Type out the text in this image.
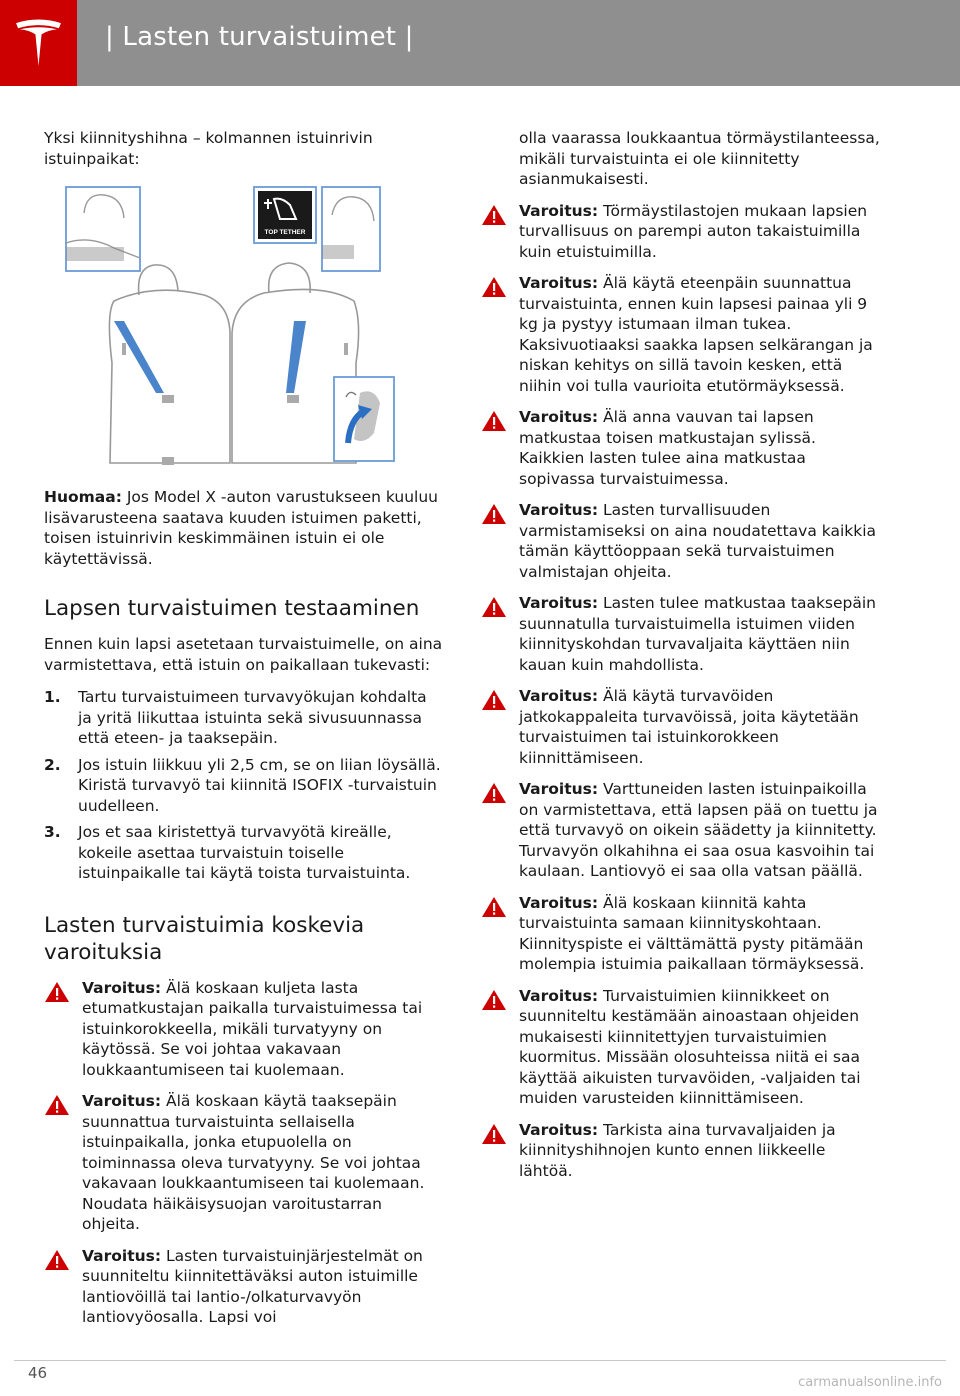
| Lasten turvaistuimet |

Yksi kiinnityshihna – kolmannen istuinrivin istuinpaikat:

TOP TETHER

Huomaa: Jos Model X -auton varustukseen kuuluu lisävarusteena saatava kuuden istuimen paketti, toisen istuinrivin keskimmäinen istuin ei ole käytettävissä.

Lapsen turvaistuimen testaaminen

Ennen kuin lapsi asetetaan turvaistuimelle, on aina varmistettava, että istuin on paikallaan tukevasti:

1. Tartu turvaistuimeen turvavyökujan kohdalta ja yritä liikuttaa istuinta sekä sivusuunnassa että eteen- ja taaksepäin.
2. Jos istuin liikkuu yli 2,5 cm, se on liian löysällä. Kiristä turvavyö tai kiinnitä ISOFIX -turvaistuin uudelleen.
3. Jos et saa kiristettyä turvavyötä kireälle, kokeile asettaa turvaistuin toiselle istuinpaikalle tai käytä toista turvaistuinta.
Lasten turvaistuimia koskevia varoituksia
Varoitus: Älä koskaan kuljeta lasta etumatkustajan paikalla turvaistuimessa tai istuinkorokkeella, mikäli turvatyyny on käytössä. Se voi johtaa vakavaan loukkaantumiseen tai kuolemaan.
Varoitus: Älä koskaan käytä taaksepäin suunnattua turvaistuinta sellaisella istuinpaikalla, jonka etupuolella on toiminnassa oleva turvatyyny. Se voi johtaa vakavaan loukkaantumiseen tai kuolemaan. Noudata häikäisysuojan varoitustarran ohjeita.
Varoitus: Lasten turvaistuinjärjestelmät on suunniteltu kiinnitettäväksi auton istuimille lantiovöillä tai lantio-/olkaturvavyön lantiovyöosalla. Lapsi voi

olla vaarassa loukkaantua törmäystilanteessa, mikäli turvaistuinta ei ole kiinnitetty asianmukaisesti.

Varoitus: Törmäystilastojen mukaan lapsien turvallisuus on parempi auton takaistuimilla kuin etuistuimilla.
Varoitus: Älä käytä eteenpäin suunnattua turvaistuinta, ennen kuin lapsesi painaa yli 9 kg ja pystyy istumaan ilman tukea. Kaksivuotiaaksi saakka lapsen selkärangan ja niskan kehitys on sillä tavoin kesken, että niihin voi tulla vaurioita etutörmäyksessä.
Varoitus: Älä anna vauvan tai lapsen matkustaa toisen matkustajan sylissä. Kaikkien lasten tulee aina matkustaa sopivassa turvaistuimessa.
Varoitus: Lasten turvallisuuden varmistamiseksi on aina noudatettava kaikkia tämän käyttöoppaan sekä turvaistuimen valmistajan ohjeita.
Varoitus: Lasten tulee matkustaa taaksepäin suunnatulla turvaistuimella istuimen viiden kiinnityskohdan turvavaljaita käyttäen niin kauan kuin mahdollista.
Varoitus: Älä käytä turvavöiden jatkokappaleita turvavöissä, joita käytetään turvaistuimen tai istuinkorokkeen kiinnittämiseen.
Varoitus: Varttuneiden lasten istuinpaikoilla on varmistettava, että lapsen pää on tuettu ja että turvavyö on oikein säädetty ja kiinnitetty. Turvavyön olkahihna ei saa osua kasvoihin tai kaulaan. Lantiovyö ei saa olla vatsan päällä.
Varoitus: Älä koskaan kiinnitä kahta turvaistuinta samaan kiinnityskohtaan. Kiinnityspiste ei välttämättä pysty pitämään molempia istuimia paikallaan törmäyksessä.
Varoitus: Turvaistuimien kiinnikkeet on suunniteltu kestämään ainoastaan ohjeiden mukaisesti kiinnitettyjen turvaistuimien kuormitus. Missään olosuhteissa niitä ei saa käyttää aikuisten turvavöiden, -valjaiden tai muiden varusteiden kiinnittämiseen.
Varoitus: Tarkista aina turvavaljaiden ja kiinnityshihnojen kunto ennen liikkeelle lähtöä.
46
carmanualsonline.info
